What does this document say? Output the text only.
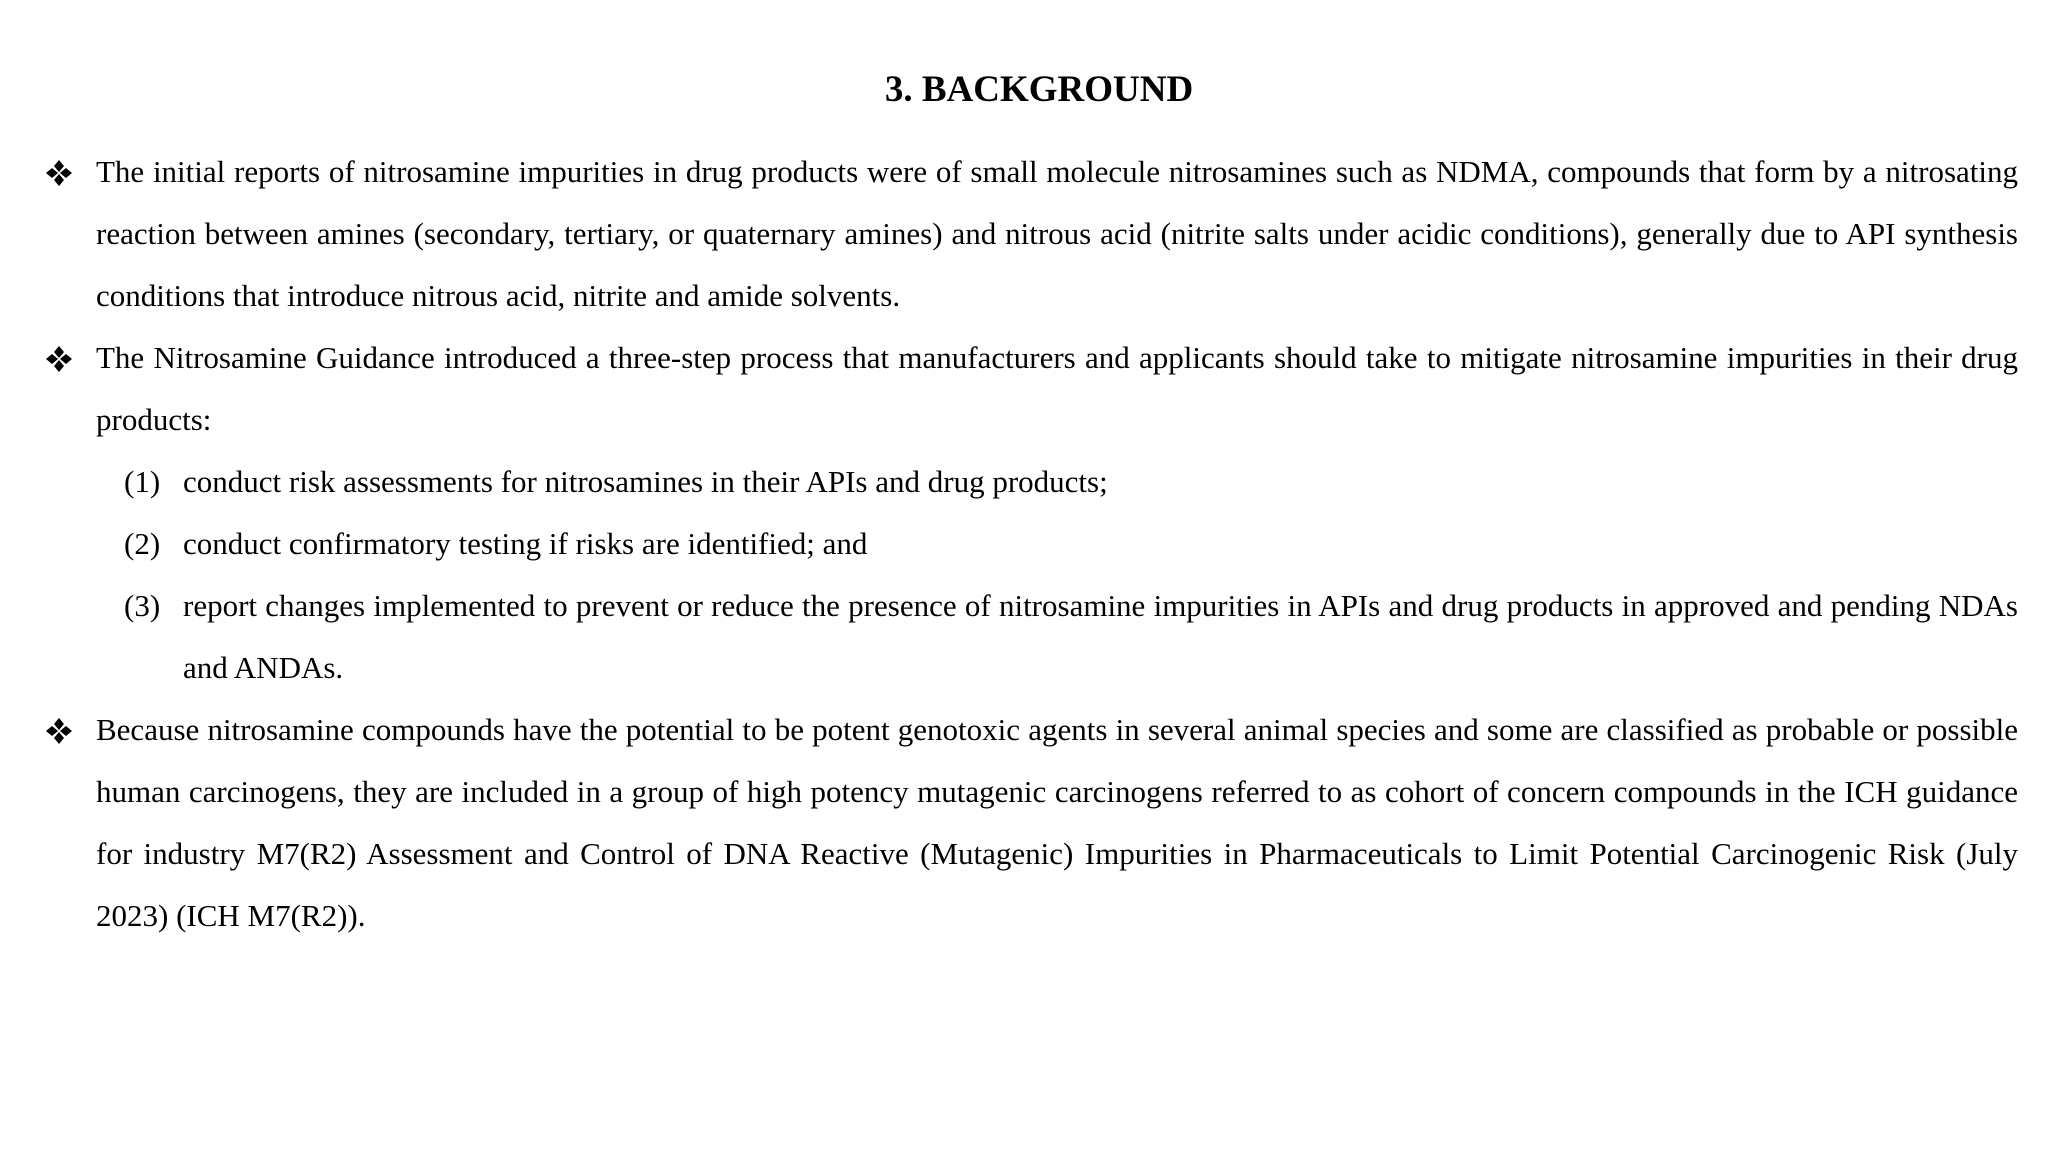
3. BACKGROUND

The initial reports of nitrosamine impurities in drug products were of small molecule nitrosamines such as NDMA, compounds that form by a nitrosating reaction between amines (secondary, tertiary, or quaternary amines) and nitrous acid (nitrite salts under acidic conditions), generally due to API synthesis conditions that introduce nitrous acid, nitrite and amide solvents.

The Nitrosamine Guidance introduced a three-step process that manufacturers and applicants should take to mitigate nitrosamine impurities in their drug products:
(1) conduct risk assessments for nitrosamines in their APIs and drug products;
(2) conduct confirmatory testing if risks are identified; and
(3) report changes implemented to prevent or reduce the presence of nitrosamine impurities in APIs and drug products in approved and pending NDAs and ANDAs.

Because nitrosamine compounds have the potential to be potent genotoxic agents in several animal species and some are classified as probable or possible human carcinogens, they are included in a group of high potency mutagenic carcinogens referred to as cohort of concern compounds in the ICH guidance for industry M7(R2) Assessment and Control of DNA Reactive (Mutagenic) Impurities in Pharmaceuticals to Limit Potential Carcinogenic Risk (July 2023) (ICH M7(R2)).
